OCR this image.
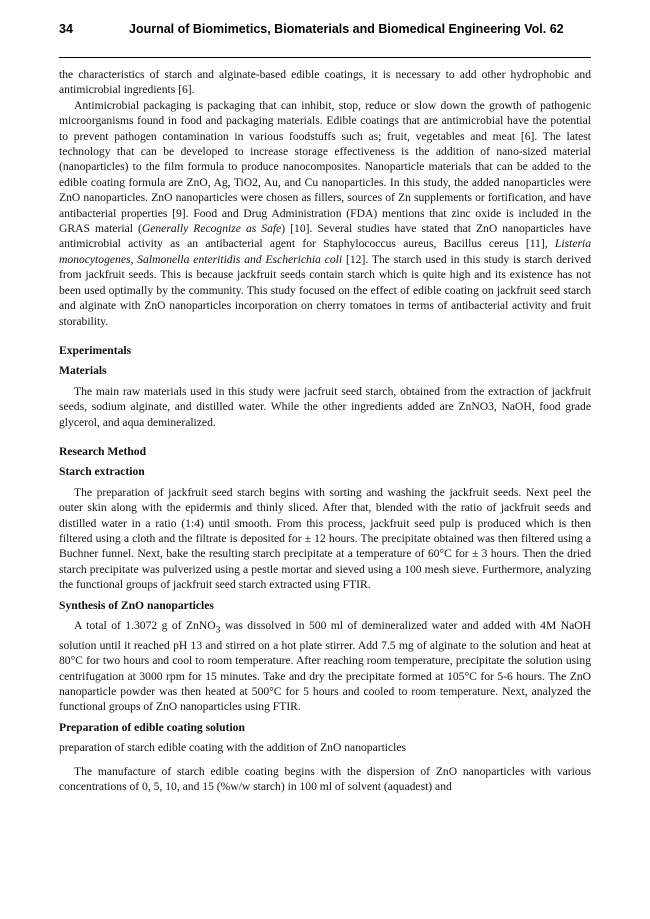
34	Journal of Biomimetics, Biomaterials and Biomedical Engineering Vol. 62

the characteristics of starch and alginate-based edible coatings, it is necessary to add other hydrophobic and antimicrobial ingredients [6].

Antimicrobial packaging is packaging that can inhibit, stop, reduce or slow down the growth of pathogenic microorganisms found in food and packaging materials. Edible coatings that are antimicrobial have the potential to prevent pathogen contamination in various foodstuffs such as; fruit, vegetables and meat [6]. The latest technology that can be developed to increase storage effectiveness is the addition of nano-sized material (nanoparticles) to the film formula to produce nanocomposites. Nanoparticle materials that can be added to the edible coating formula are ZnO, Ag, TiO2, Au, and Cu nanoparticles. In this study, the added nanoparticles were ZnO nanoparticles. ZnO nanoparticles were chosen as fillers, sources of Zn supplements or fortification, and have antibacterial properties [9]. Food and Drug Administration (FDA) mentions that zinc oxide is included in the GRAS material (Generally Recognize as Safe) [10]. Several studies have stated that ZnO nanoparticles have antimicrobial activity as an antibacterial agent for Staphylococcus aureus, Bacillus cereus [11], Listeria monocytogenes, Salmonella enteritidis and Escherichia coli [12]. The starch used in this study is starch derived from jackfruit seeds. This is because jackfruit seeds contain starch which is quite high and its existence has not been used optimally by the community. This study focused on the effect of edible coating on jackfruit seed starch and alginate with ZnO nanoparticles incorporation on cherry tomatoes in terms of antibacterial activity and fruit storability.

Experimentals
Materials

The main raw materials used in this study were jacfruit seed starch, obtained from the extraction of jackfruit seeds, sodium alginate, and distilled water. While the other ingredients added are ZnNO3, NaOH, food grade glycerol, and aqua demineralized.

Research Method
Starch extraction

The preparation of jackfruit seed starch begins with sorting and washing the jackfruit seeds. Next peel the outer skin along with the epidermis and thinly sliced. After that, blended with the ratio of jackfruit seeds and distilled water in a ratio (1:4) until smooth. From this process, jackfruit seed pulp is produced which is then filtered using a cloth and the filtrate is deposited for ± 12 hours. The precipitate obtained was then filtered using a Buchner funnel. Next, bake the resulting starch precipitate at a temperature of 60°C for ± 3 hours. Then the dried starch precipitate was pulverized using a pestle mortar and sieved using a 100 mesh sieve. Furthermore, analyzing the functional groups of jackfruit seed starch extracted using FTIR.

Synthesis of ZnO nanoparticles

A total of 1.3072 g of ZnNO$_3$ was dissolved in 500 ml of demineralized water and added with 4M NaOH solution until it reached pH 13 and stirred on a hot plate stirrer. Add 7.5 mg of alginate to the solution and heat at 80°C for two hours and cool to room temperature. After reaching room temperature, precipitate the solution using centrifugation at 3000 rpm for 15 minutes. Take and dry the precipitate formed at 105°C for 5-6 hours. The ZnO nanoparticle powder was then heated at 500°C for 5 hours and cooled to room temperature. Next, analyzed the functional groups of ZnO nanoparticles using FTIR.

Preparation of edible coating solution

preparation of starch edible coating with the addition of ZnO nanoparticles

The manufacture of starch edible coating begins with the dispersion of ZnO nanoparticles with various concentrations of 0, 5, 10, and 15 (%w/w starch) in 100 ml of solvent (aquadest) and
